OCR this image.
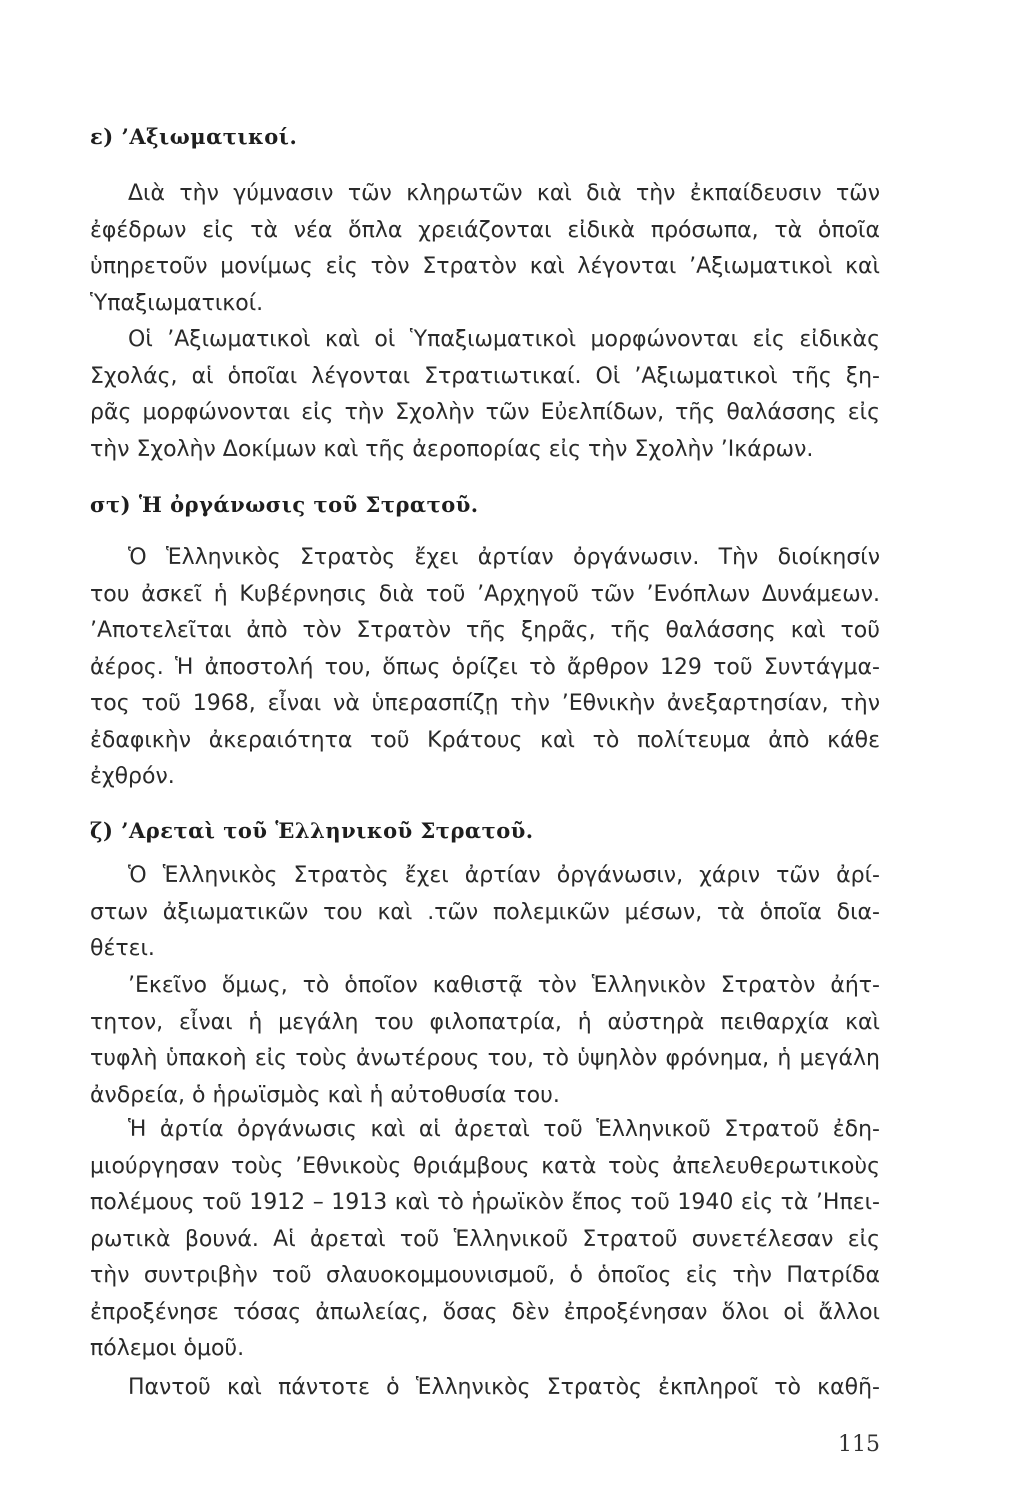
ε) ’Αξιωματικοί.
Διὰ τὴν γύμνασιν τῶν κληρωτῶν καὶ διὰ τὴν ἐκπαίδευσιν τῶν
ἐφέδρων εἰς τὰ νέα ὅπλα χρειάζονται εἰδικὰ πρόσωπα, τὰ ὁποῖα
ὑπηρετοῦν μονίμως εἰς τὸν Στρατὸν καὶ λέγονται ’Αξιωματικοὶ καὶ
Ὑπαξιωματικοί.
Οἱ ’Αξιωματικοὶ καὶ οἱ Ὑπαξιωματικοὶ μορφώνονται εἰς εἰδικὰς
Σχολάς, αἱ ὁποῖαι λέγονται Στρατιωτικαί. Οἱ ’Αξιωματικοὶ τῆς ξη-
ρᾶς μορφώνονται εἰς τὴν Σχολὴν τῶν Εὐελπίδων, τῆς θαλάσσης εἰς
τὴν Σχολὴν Δοκίμων καὶ τῆς ἀεροπορίας εἰς τὴν Σχολὴν ’Ικάρων.
στ) Ἡ ὀργάνωσις τοῦ Στρατοῦ.
Ὁ Ἑλληνικὸς Στρατὸς ἔχει ἀρτίαν ὀργάνωσιν. Τὴν διοίκησίν
του ἀσκεῖ ἡ Κυβέρνησις διὰ τοῦ ’Αρχηγοῦ τῶν ’Ενόπλων Δυνάμεων.
’Αποτελεῖται ἀπὸ τὸν Στρατὸν τῆς ξηρᾶς, τῆς θαλάσσης καὶ τοῦ
ἀέρος. Ἡ ἀποστολή του, ὅπως ὁρίζει τὸ ἄρθρον 129 τοῦ Συντάγμα-
τος τοῦ 1968, εἶναι νὰ ὑπερασπίζῃ τὴν ’Εθνικὴν ἀνεξαρτησίαν, τὴν
ἐδαφικὴν ἀκεραιότητα τοῦ Κράτους καὶ τὸ πολίτευμα ἀπὸ κάθε
ἐχθρόν.
ζ) ’Αρεταὶ τοῦ Ἑλληνικοῦ Στρατοῦ.
Ὁ Ἑλληνικὸς Στρατὸς ἔχει ἀρτίαν ὀργάνωσιν, χάριν τῶν ἀρί-
στων ἀξιωματικῶν του καὶ .τῶν πολεμικῶν μέσων, τὰ ὁποῖα δια-
θέτει.
’Εκεῖνο ὅμως, τὸ ὁποῖον καθιστᾷ τὸν Ἑλληνικὸν Στρατὸν ἀήτ-
τητον, εἶναι ἡ μεγάλη του φιλοπατρία, ἡ αὐστηρὰ πειθαρχία καὶ
τυφλὴ ὑπακοὴ εἰς τοὺς ἀνωτέρους του, τὸ ὑψηλὸν φρόνημα, ἡ μεγάλη
ἀνδρεία, ὁ ἡρωϊσμὸς καὶ ἡ αὐτοθυσία του.
Ἡ ἀρτία ὀργάνωσις καὶ αἱ ἀρεταὶ τοῦ Ἑλληνικοῦ Στρατοῦ ἐδη-
μιούργησαν τοὺς ’Εθνικοὺς θριάμβους κατὰ τοὺς ἀπελευθερωτικοὺς
πολέμους τοῦ 1912 – 1913 καὶ τὸ ἡρωϊκὸν ἔπος τοῦ 1940 εἰς τὰ ’Ηπει-
ρωτικὰ βουνά. Αἱ ἀρεταὶ τοῦ Ἑλληνικοῦ Στρατοῦ συνετέλεσαν εἰς
τὴν συντριβὴν τοῦ σλαυοκομμουνισμοῦ, ὁ ὁποῖος εἰς τὴν Πατρίδα
ἐπροξένησε τόσας ἀπωλείας, ὅσας δὲν ἐπροξένησαν ὅλοι οἱ ἄλλοι
πόλεμοι ὁμοῦ.
Παντοῦ καὶ πάντοτε ὁ Ἑλληνικὸς Στρατὸς ἐκπληροῖ τὸ καθῆ-
115
